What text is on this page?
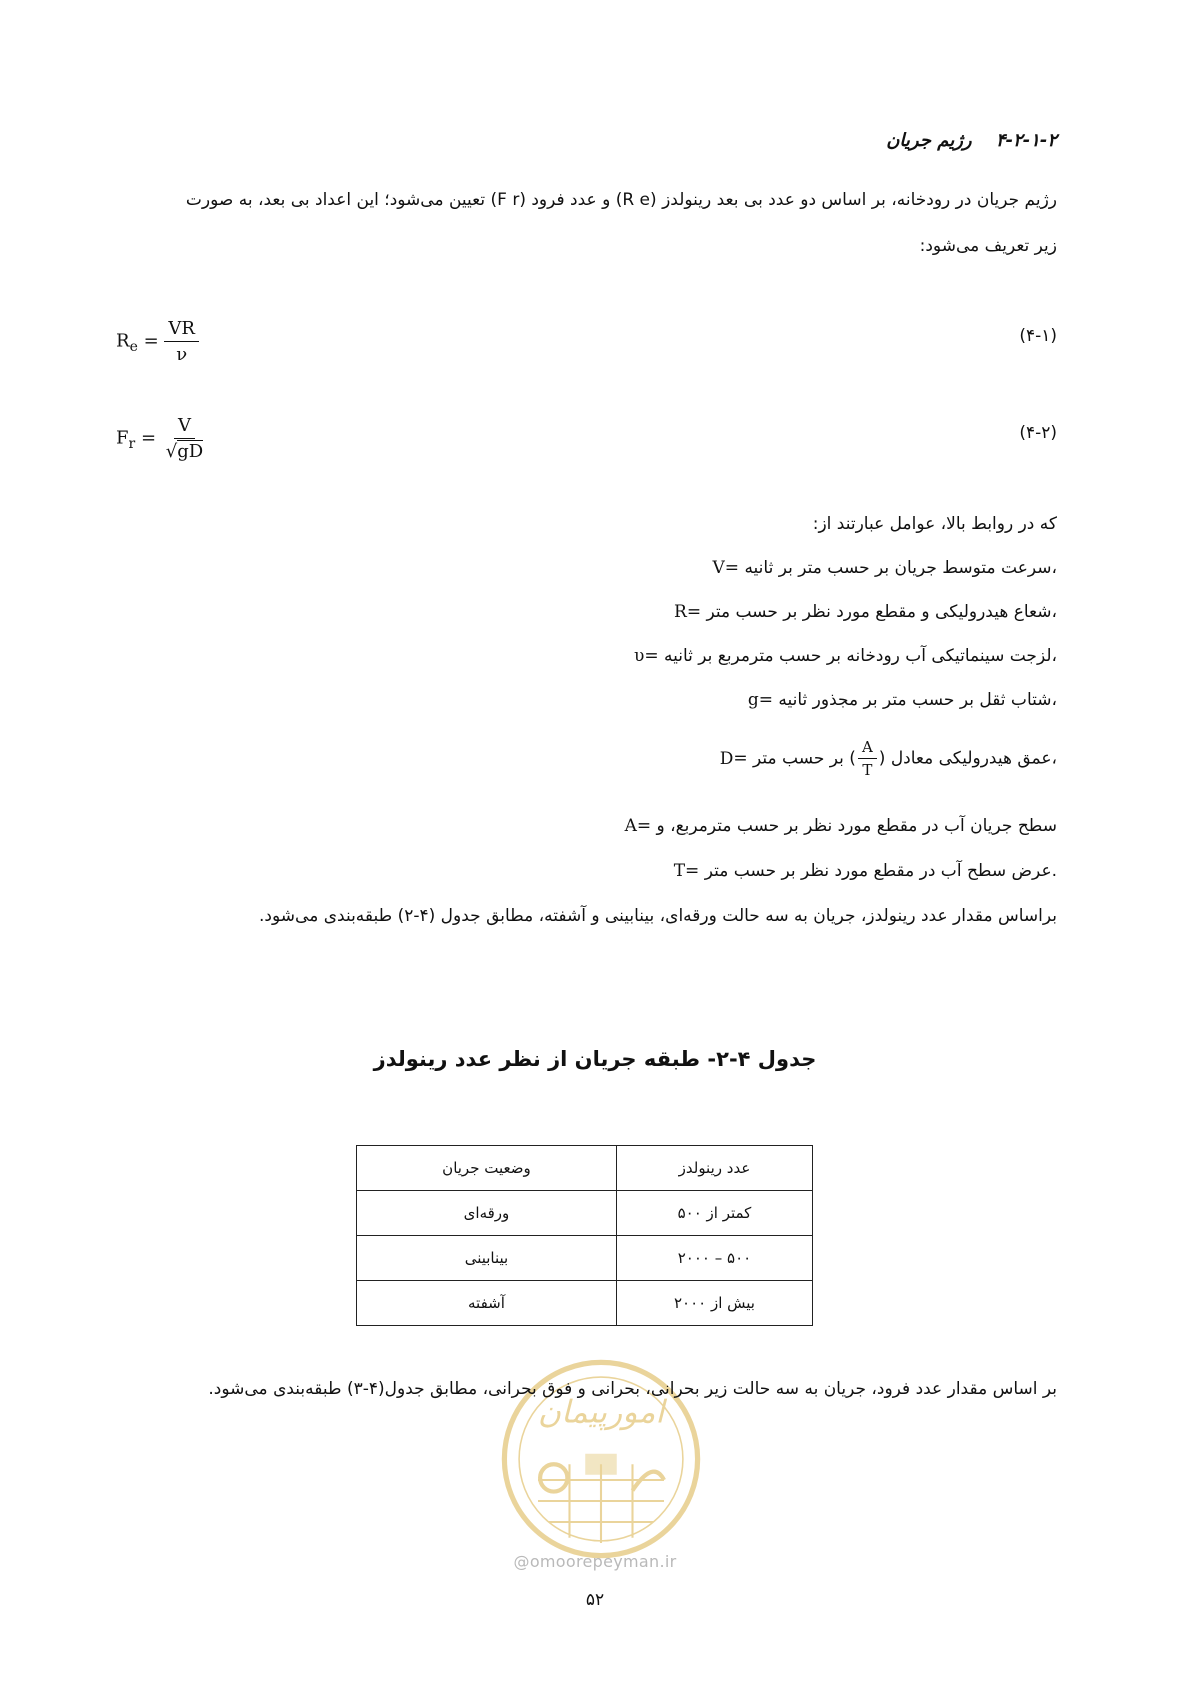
۴-۲-۱-۲ رژیم جریان
رژیم جریان در رودخانه، بر اساس دو عدد بی بعد رینولدز (R e) و عدد فرود (F r) تعیین می‌شود؛ این اعداد بی بعد، به صورت
زیر تعریف می‌شود:
$R_e = \frac{VR}{\nu}$	(۴-۱)
$F_r = \frac{V}{√gD}$	(۴-۲)
که در روابط بالا، عوامل عبارتند از:
V= سرعت متوسط جریان بر حسب متر بر ثانیه،
R= شعاع هیدرولیکی و مقطع مورد نظر بر حسب متر،
υ= لزجت سینماتیکی آب رودخانه بر حسب مترمربع بر ثانیه،
g= شتاب ثقل بر حسب متر بر مجذور ثانیه،
D= عمق هیدرولیکی معادل (
$\frac{A}{T}$
) بر حسب متر،
A= سطح جریان آب در مقطع مورد نظر بر حسب مترمربع، و
T= عرض سطح آب در مقطع مورد نظر بر حسب متر.
براساس مقدار عدد رینولدز، جریان به سه حالت ورقه‌ای، بینابینی و آشفته، مطابق جدول (۴-۲) طبقه‌بندی می‌شود.
جدول ۴-۲- طبقه جریان از نظر عدد رینولدز
عدد رینولدز	وضعیت جریان
کمتر از ۵۰۰	ورقه‌ای
۵۰۰ – ۲۰۰۰	بینابینی
بیش از ۲۰۰۰	آشفته
امورپیمان
بر اساس مقدار عدد فرود، جریان به سه حالت زیر بحرانی، بحرانی و فوق بحرانی، مطابق جدول(۴-۳) طبقه‌بندی می‌شود.
@omoorepeyman.ir
۵۲
